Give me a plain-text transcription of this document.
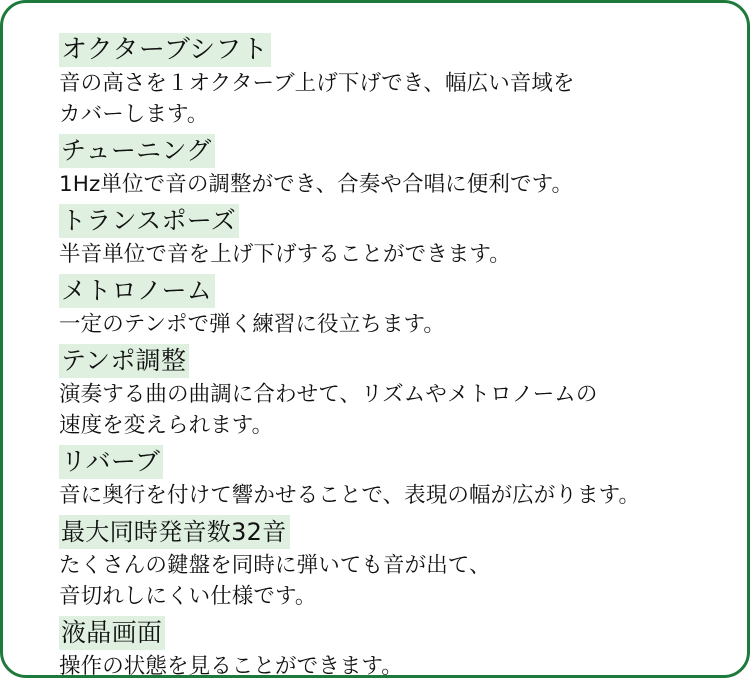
オクターブシフト
音の高さを１オクターブ上げ下げでき、幅広い音域を
カバーします。
チューニング
1Hz単位で音の調整ができ、合奏や合唱に便利です。
トランスポーズ
半音単位で音を上げ下げすることができます。
メトロノーム
一定のテンポで弾く練習に役立ちます。
テンポ調整
演奏する曲の曲調に合わせて、リズムやメトロノームの
速度を変えられます。
リバーブ
音に奥行を付けて響かせることで、表現の幅が広がります。
最大同時発音数32音
たくさんの鍵盤を同時に弾いても音が出て、
音切れしにくい仕様です。
液晶画面
操作の状態を見ることができます。
